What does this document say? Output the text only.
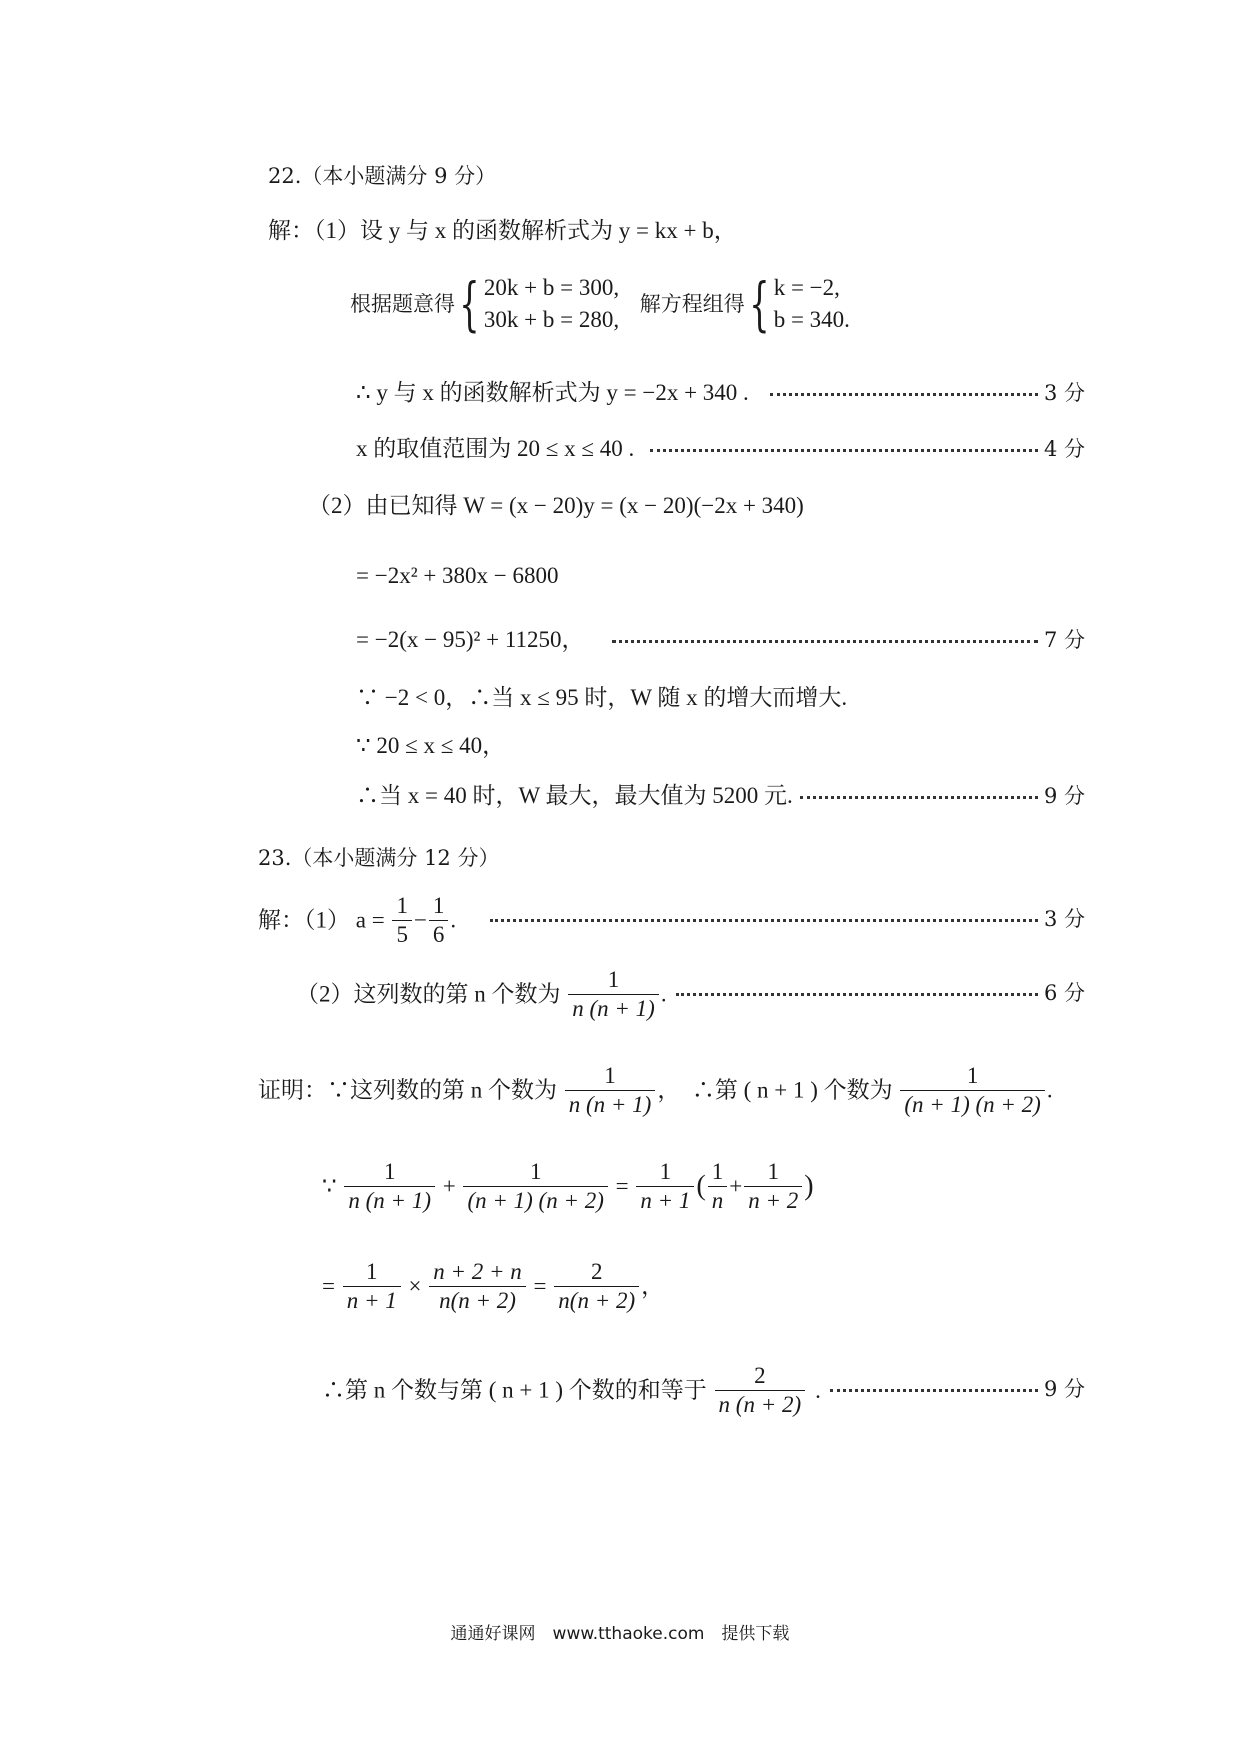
22.（本小题满分 9 分）
解：（1）设 y 与 x 的函数解析式为 y = kx + b，
根据题意得{ 20k + b = 300,
30k + b = 280,
解方程组得{ k = −2,
b = 340.
∴ y 与 x 的函数解析式为 y = −2x + 340 .	3 分
x 的取值范围为 20 ≤ x ≤ 40 .	4 分
（2）由已知得 W = (x − 20)y = (x − 20)(−2x + 340)
= −2x² + 380x − 6800
= −2(x − 95)² + 11250，	7 分
∵ −2 < 0，∴当 x ≤ 95 时，W 随 x 的增大而增大.
∵ 20 ≤ x ≤ 40，
∴当 x = 40 时，W 最大，最大值为 5200 元.	9 分
23.（本小题满分 12 分）
解：（1） $a = \frac{1}{5} - \frac{1}{6}$ .	3 分
（2）这列数的第 n 个数为 $\frac{1}{n (n + 1)}$ .	6 分
证明：∵这列数的第 n 个数为 $\frac{1}{n (n + 1)}$ ，　∴第 ( n + 1 ) 个数为 $\frac{1}{(n + 1) (n + 2)}$ .
∵ $\frac{1}{n (n + 1)} + \frac{1}{(n + 1) (n + 2)} = \frac{1}{n + 1}$ ( $\frac{1}{n} + \frac{1}{n + 2}$ )
= $\frac{1}{n + 1} \times \frac{n + 2 + n}{n(n + 2)} = \frac{2}{n(n + 2)}$ ，
∴第 n 个数与第 ( n + 1 ) 个数的和等于 $\frac{2}{n (n + 2)}$ .	9 分
通通好课网　www.tthaoke.com　提供下载
